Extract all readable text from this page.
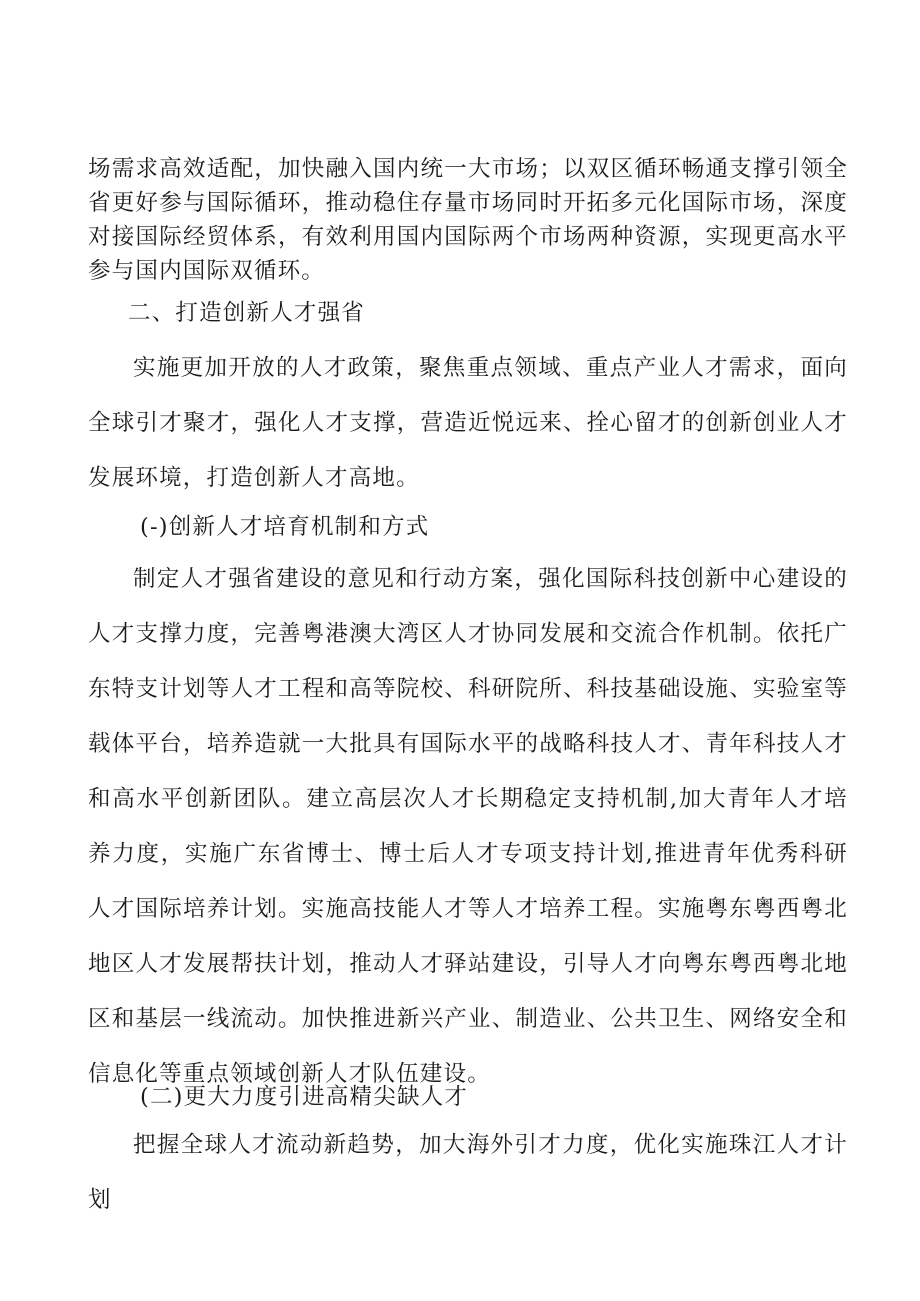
场需求高效适配，加快融入国内统一大市场；以双区循环畅通支撑引领全省更好参与国际循环，推动稳住存量市场同时开拓多元化国际市场，深度对接国际经贸体系，有效利用国内国际两个市场两种资源，实现更高水平参与国内国际双循环。

二、打造创新人才强省

实施更加开放的人才政策，聚焦重点领域、重点产业人才需求，面向全球引才聚才，强化人才支撑，营造近悦远来、拴心留才的创新创业人才发展环境，打造创新人才高地。

(-)创新人才培育机制和方式

制定人才强省建设的意见和行动方案，强化国际科技创新中心建设的人才支撑力度，完善粤港澳大湾区人才协同发展和交流合作机制。依托广东特支计划等人才工程和高等院校、科研院所、科技基础设施、实验室等载体平台，培养造就一大批具有国际水平的战略科技人才、青年科技人才和高水平创新团队。建立高层次人才长期稳定支持机制,加大青年人才培养力度，实施广东省博士、博士后人才专项支持计划,推进青年优秀科研人才国际培养计划。实施高技能人才等人才培养工程。实施粤东粤西粤北地区人才发展帮扶计划，推动人才驿站建设，引导人才向粤东粤西粤北地区和基层一线流动。加快推进新兴产业、制造业、公共卫生、网络安全和信息化等重点领域创新人才队伍建设。

(二)更大力度引进高精尖缺人才

把握全球人才流动新趋势，加大海外引才力度，优化实施珠江人才计划
